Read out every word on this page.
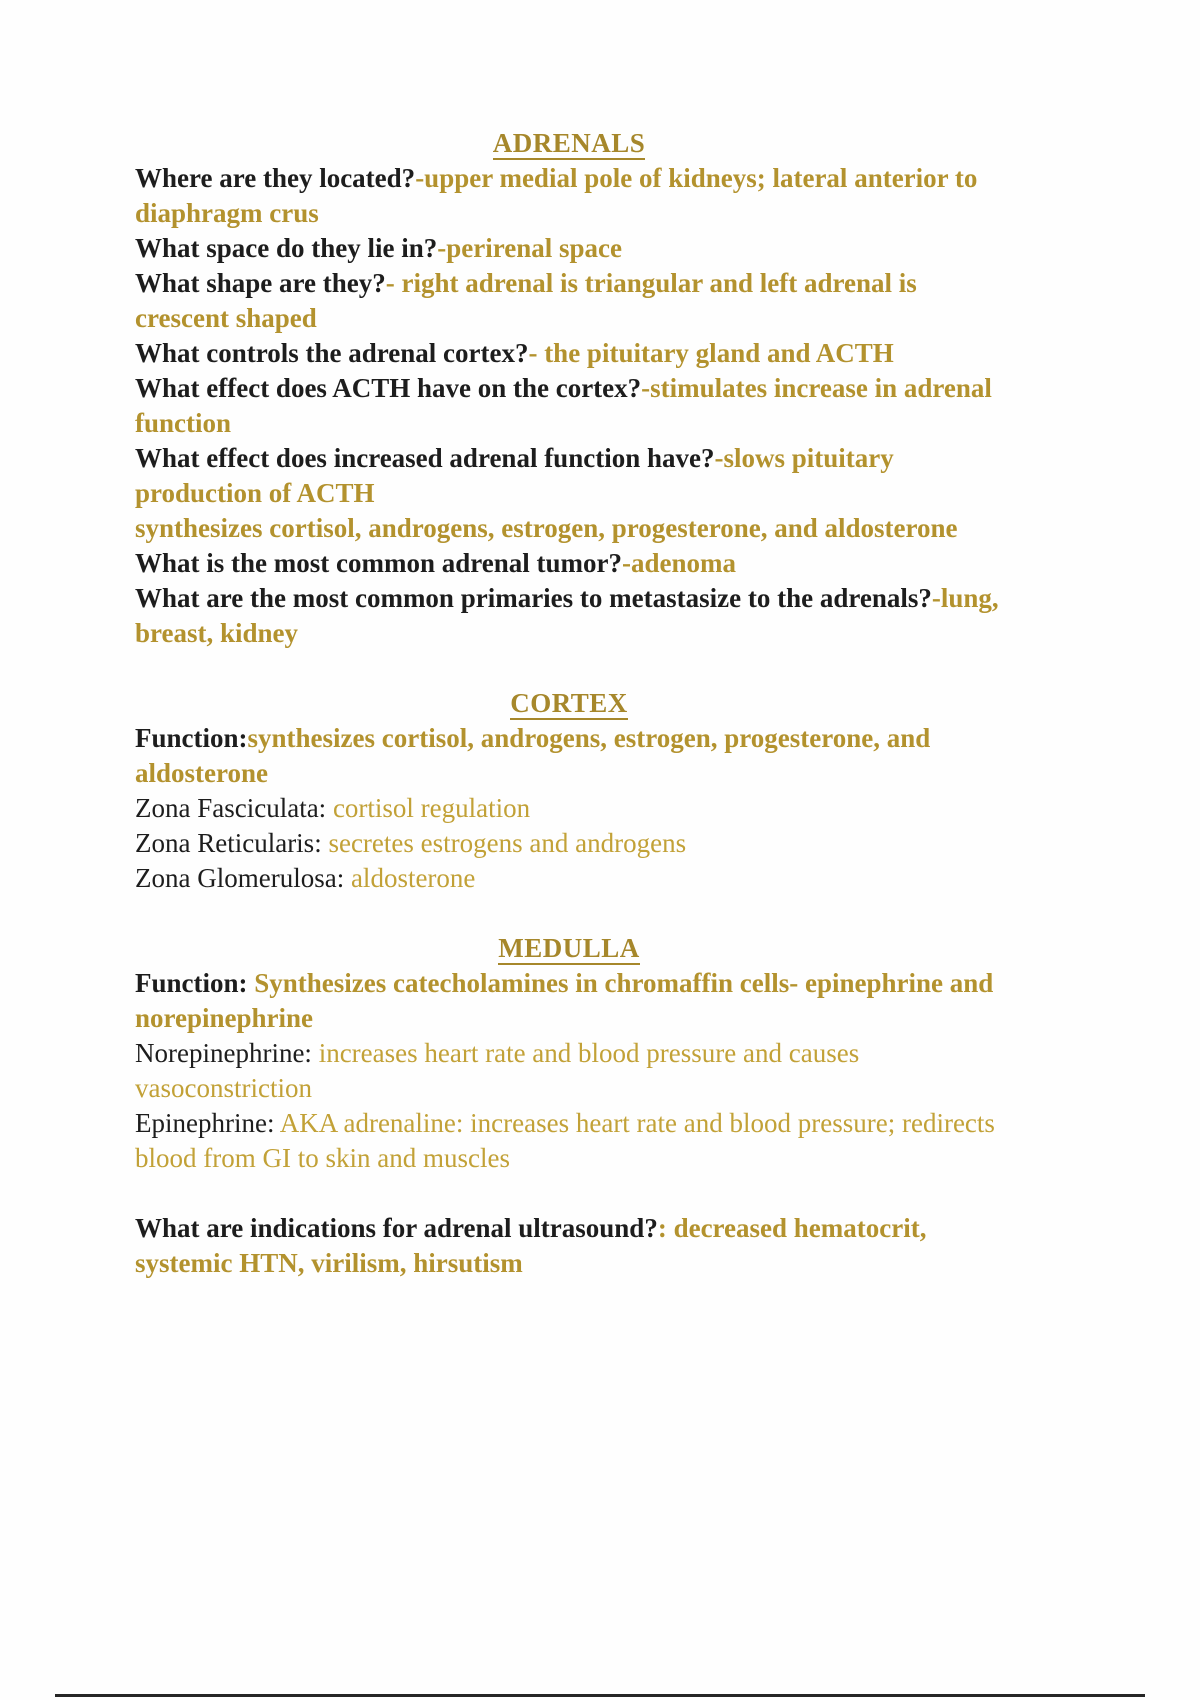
ADRENALS

Where are they located?-upper medial pole of kidneys; lateral anterior to diaphragm crus

What space do they lie in?-perirenal space

What shape are they?- right adrenal is triangular and left adrenal is crescent shaped

What controls the adrenal cortex?- the pituitary gland and ACTH

What effect does ACTH have on the cortex?-stimulates increase in adrenal function

What effect does increased adrenal function have?-slows pituitary production of ACTH

synthesizes cortisol, androgens, estrogen, progesterone, and aldosterone

What is the most common adrenal tumor?-adenoma

What are the most common primaries to metastasize to the adrenals?-lung, breast, kidney

CORTEX

Function:synthesizes cortisol, androgens, estrogen, progesterone, and aldosterone

Zona Fasciculata: cortisol regulation

Zona Reticularis: secretes estrogens and androgens

Zona Glomerulosa: aldosterone

MEDULLA

Function: Synthesizes catecholamines in chromaffin cells- epinephrine and norepinephrine

Norepinephrine: increases heart rate and blood pressure and causes vasoconstriction

Epinephrine: AKA adrenaline: increases heart rate and blood pressure; redirects blood from GI to skin and muscles

What are indications for adrenal ultrasound?: decreased hematocrit, systemic HTN, virilism, hirsutism
